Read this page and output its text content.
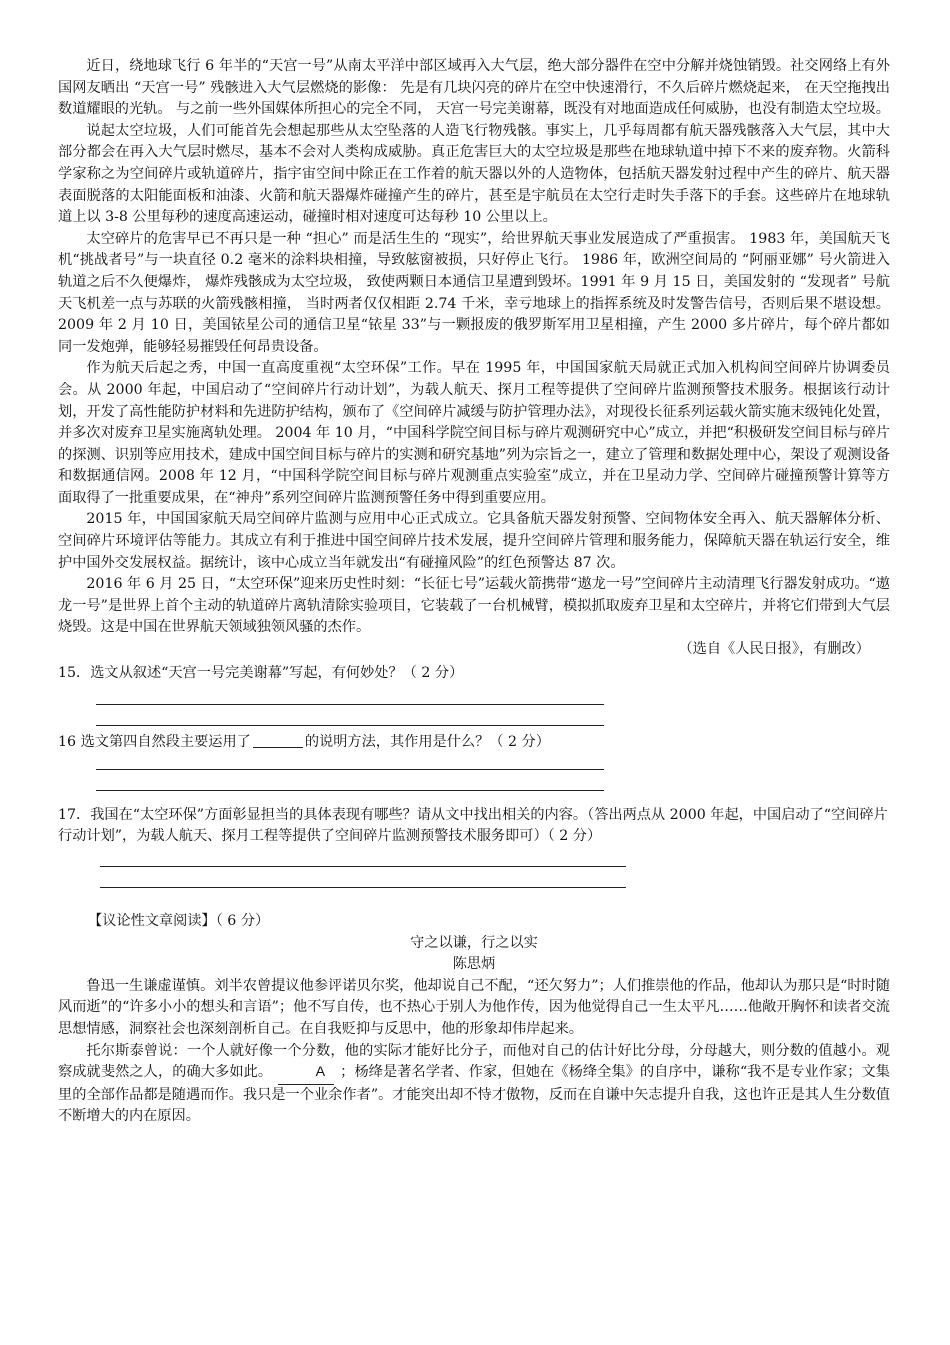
近日，绕地球飞行 6 年半的“天宫一号”从南太平洋中部区域再入大气层，绝大部分器件在空中分解并烧蚀销毁。社交网络上有外国网友晒出 “天宫一号” 残骸进入大气层燃烧的影像： 先是有几块闪亮的碎片在空中快速滑行，不久后碎片燃烧起来， 在天空拖拽出数道耀眼的光轨。 与之前一些外国媒体所担心的完全不同， 天宫一号完美谢幕，既没有对地面造成任何威胁，也没有制造太空垃圾。

说起太空垃圾，人们可能首先会想起那些从太空坠落的人造飞行物残骸。事实上，几乎每周都有航天器残骸落入大气层，其中大部分都会在再入大气层时燃尽，基本不会对人类构成威胁。真正危害巨大的太空垃圾是那些在地球轨道中掉下不来的废弃物。火箭科学家称之为空间碎片或轨道碎片，指宇宙空间中除正在工作着的航天器以外的人造物体，包括航天器发射过程中产生的碎片、航天器表面脱落的太阳能面板和油漆、火箭和航天器爆炸碰撞产生的碎片，甚至是宇航员在太空行走时失手落下的手套。这些碎片在地球轨道上以 3-8 公里每秒的速度高速运动，碰撞时相对速度可达每秒 10 公里以上。

太空碎片的危害早已不再只是一种 “担心” 而是活生生的 “现实”，给世界航天事业发展造成了严重损害。 1983 年，美国航天飞机“挑战者号”与一块直径 0.2 毫米的涂料块相撞，导致舷窗被损，只好停止飞行。 1986 年，欧洲空间局的 “阿丽亚娜” 号火箭进入轨道之后不久便爆炸， 爆炸残骸成为太空垃圾， 致使两颗日本通信卫星遭到毁坏。1991 年 9 月 15 日，美国发射的 “发现者” 号航天飞机差一点与苏联的火箭残骸相撞， 当时两者仅仅相距 2.74 千米，幸亏地球上的指挥系统及时发警告信号，否则后果不堪设想。 2009 年 2 月 10 日，美国铱星公司的通信卫星“铱星 33”与一颗报废的俄罗斯军用卫星相撞，产生 2000 多片碎片，每个碎片都如同一发炮弹，能够轻易摧毁任何昂贵设备。

作为航天后起之秀，中国一直高度重视“太空环保”工作。早在 1995 年，中国国家航天局就正式加入机构间空间碎片协调委员会。从 2000 年起，中国启动了“空间碎片行动计划”，为载人航天、探月工程等提供了空间碎片监测预警技术服务。根据该行动计划，开发了高性能防护材料和先进防护结构，颁布了《空间碎片减缓与防护管理办法》，对现役长征系列运载火箭实施末级钝化处置，并多次对废弃卫星实施离轨处理。 2004 年 10 月，“中国科学院空间目标与碎片观测研究中心”成立，并把“积极研发空间目标与碎片的探测、识别等应用技术，建成中国空间目标与碎片的实测和研究基地”列为宗旨之一，建立了管理和数据处理中心，架设了观测设备和数据通信网。2008 年 12 月，“中国科学院空间目标与碎片观测重点实验室”成立，并在卫星动力学、空间碎片碰撞预警计算等方面取得了一批重要成果，在“神舟”系列空间碎片监测预警任务中得到重要应用。

2015 年，中国国家航天局空间碎片监测与应用中心正式成立。它具备航天器发射预警、空间物体安全再入、航天器解体分析、空间碎片环境评估等能力。其成立有利于推进中国空间碎片技术发展，提升空间碎片管理和服务能力，保障航天器在轨运行安全，维护中国外交发展权益。据统计，该中心成立当年就发出“有碰撞风险”的红色预警达 87 次。

2016 年 6 月 25 日，“太空环保”迎来历史性时刻：“长征七号”运载火箭携带“遨龙一号”空间碎片主动清理飞行器发射成功。“遨龙一号”是世界上首个主动的轨道碎片离轨清除实验项目，它装载了一台机械臂，模拟抓取废弃卫星和太空碎片，并将它们带到大气层烧毁。这是中国在世界航天领域独领风骚的杰作。

（选自《人民日报》，有删改）

15．选文从叙述“天宫一号完美谢幕”写起，有何妙处？（ 2 分）

16 选文第四自然段主要运用了	的说明方法，其作用是什么？（ 2 分）

17．我国在“太空环保”方面彰显担当的具体表现有哪些？请从文中找出相关的内容。（答出两点从 2000 年起，中国启动了“空间碎片行动计划”，为载人航天、探月工程等提供了空间碎片监测预警技术服务即可）（ 2 分）

【议论性文章阅读】（ 6 分）

守之以谦，行之以实

陈思炳

鲁迅一生谦虚谨慎。刘半农曾提议他参评诺贝尔奖，他却说自己不配，“还欠努力”；人们推崇他的作品，他却认为那只是“时时随风而逝”的“许多小小的想头和言语”；他不写自传，也不热心于别人为他作传，因为他觉得自己一生太平凡……他敞开胸怀和读者交流思想情感，洞察社会也深刻剖析自己。在自我贬抑与反思中，他的形象却伟岸起来。

托尔斯泰曾说：一个人就好像一个分数，他的实际才能好比分子，而他对自己的估计好比分母，分母越大，则分数的值越小。观察成就斐然之人，的确大多如此。	A ；杨绛是著名学者、作家，但她在《杨绛全集》的自序中，谦称“我不是专业作家；文集里的全部作品都是随遇而作。我只是一个业余作者”。才能突出却不恃才傲物，反而在自谦中矢志提升自我，这也许正是其人生分数值不断增大的内在原因。
